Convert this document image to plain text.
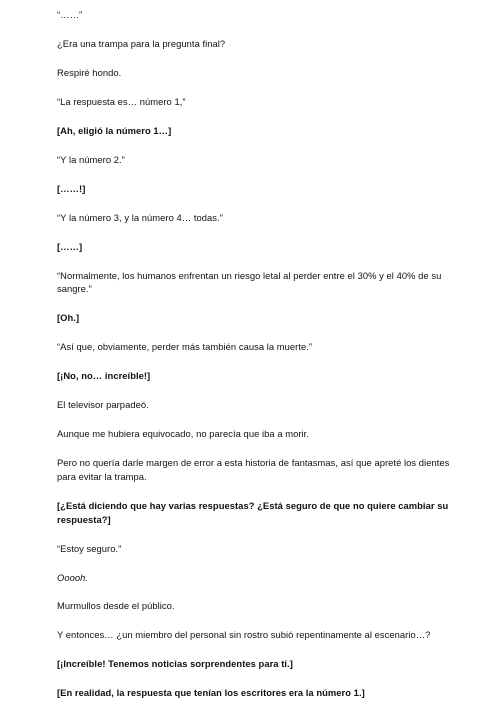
“……”

¿Era una trampa para la pregunta final?

Respiré hondo.

“La respuesta es… número 1,”

[Ah, eligió la número 1…]

“Y la número 2.”

[……!]

“Y la número 3, y la número 4… todas.”

[……]

“Normalmente, los humanos enfrentan un riesgo letal al perder entre el 30% y el 40% de su sangre.”

[Oh.]

“Así que, obviamente, perder más también causa la muerte.”

[¡No, no… increíble!]

El televisor parpadeó.

Aunque me hubiera equivocado, no parecía que iba a morir.

Pero no quería darle margen de error a esta historia de fantasmas, así que apreté los dientes para evitar la trampa.

[¿Está diciendo que hay varias respuestas? ¿Está seguro de que no quiere cambiar su respuesta?]

“Estoy seguro.”

Ooooh.

Murmullos desde el público.

Y entonces… ¿un miembro del personal sin rostro subió repentinamente al escenario…?

[¡Increíble! Tenemos noticias sorprendentes para ti.]

[En realidad, la respuesta que tenían los escritores era la número 1.]
